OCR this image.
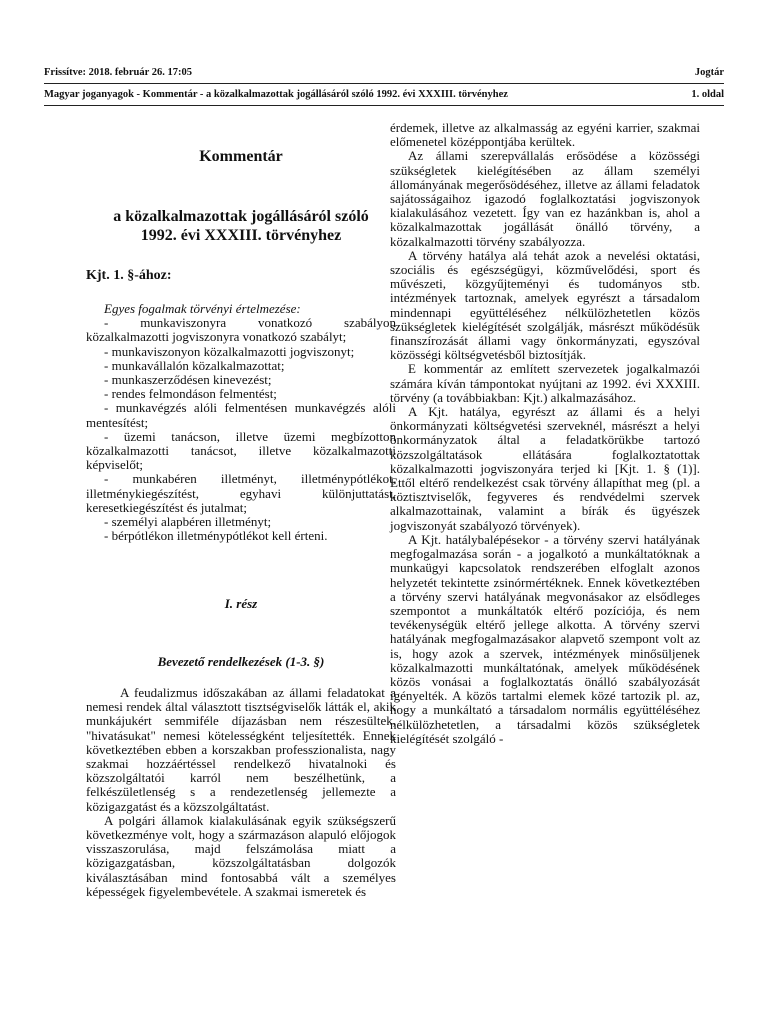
Frissítve: 2018. február 26. 17:05	Jogtár
Magyar joganyagok - Kommentár - a közalkalmazottak jogállásáról szóló 1992. évi XXXIII. törvényhez	1. oldal
Kommentár
a közalkalmazottak jogállásáról szóló
1992. évi XXXIII. törvényhez
Kjt. 1. §-ához:

Egyes fogalmak törvényi értelmezése:

- munkaviszonyra vonatkozó szabályon közalkalmazotti jogviszonyra vonatkozó szabályt;

- munkaviszonyon közalkalmazotti jogviszonyt;

- munkavállalón közalkalmazottat;

- munkaszerződésen kinevezést;

- rendes felmondáson felmentést;

- munkavégzés alóli felmentésen munkavégzés alóli mentesítést;

- üzemi tanácson, illetve üzemi megbízotton közalkalmazotti tanácsot, illetve közalkalmazotti képviselőt;

- munkabéren illetményt, illetménypótlékot, illetménykiegészítést, egyhavi különjuttatást, keresetkiegészítést és jutalmat;

- személyi alapbéren illetményt;

- bérpótlékon illetménypótlékot kell érteni.

I. rész
Bevezető rendelkezések (1-3. §)

A feudalizmus időszakában az állami feladatokat a nemesi rendek által választott tisztségviselők látták el, akik munkájukért semmiféle díjazásban nem részesültek, "hivatásukat" nemesi kötelességként teljesítették. Ennek következtében ebben a korszakban professzionalista, nagy szakmai hozzáértéssel rendelkező hivatalnoki és közszolgáltatói karról nem beszélhetünk, a felkészületlenség s a rendezetlenség jellemezte a közigazgatást és a közszolgáltatást.

A polgári államok kialakulásának egyik szükségszerű következménye volt, hogy a származáson alapuló előjogok visszaszorulása, majd felszámolása miatt a közigazgatásban, közszolgáltatásban dolgozók kiválasztásában mind fontosabbá vált a személyes képességek figyelembevétele. A szakmai ismeretek és

érdemek, illetve az alkalmasság az egyéni karrier, szakmai előmenetel középpontjába kerültek.

Az állami szerepvállalás erősödése a közösségi szükségletek kielégítésében az állam személyi állományának megerősödéséhez, illetve az állami feladatok sajátosságaihoz igazodó foglalkoztatási jogviszonyok kialakulásához vezetett. Így van ez hazánkban is, ahol a közalkalmazottak jogállását önálló törvény, a közalkalmazotti törvény szabályozza.

A törvény hatálya alá tehát azok a nevelési oktatási, szociális és egészségügyi, közművelődési, sport és művészeti, közgyűjteményi és tudományos stb. intézmények tartoznak, amelyek egyrészt a társadalom mindennapi együttéléséhez nélkülözhetetlen közös szükségletek kielégítését szolgálják, másrészt működésük finanszírozását állami vagy önkormányzati, egyszóval közösségi költségvetésből biztosítják.

E kommentár az említett szervezetek jogalkalmazói számára kíván támpontokat nyújtani az 1992. évi XXXIII. törvény (a továbbiakban: Kjt.) alkalmazásához.

A Kjt. hatálya, egyrészt az állami és a helyi önkormányzati költségvetési szerveknél, másrészt a helyi önkormányzatok által a feladatkörükbe tartozó közszolgáltatások ellátására foglalkoztatottak közalkalmazotti jogviszonyára terjed ki [Kjt. 1. § (1)]. Ettől eltérő rendelkezést csak törvény állapíthat meg (pl. a köztisztviselők, fegyveres és rendvédelmi szervek alkalmazottainak, valamint a bírák és ügyészek jogviszonyát szabályozó törvények).

A Kjt. hatálybalépésekor - a törvény szervi hatályának megfogalmazása során - a jogalkotó a munkáltatóknak a munkaügyi kapcsolatok rendszerében elfoglalt azonos helyzetét tekintette zsinórmértéknek. Ennek következtében a törvény szervi hatályának megvonásakor az elsődleges szempontot a munkáltatók eltérő pozíciója, és nem tevékenységük eltérő jellege alkotta. A törvény szervi hatályának megfogalmazásakor alapvető szempont volt az is, hogy azok a szervek, intézmények minősüljenek közalkalmazotti munkáltatónak, amelyek működésének közös vonásai a foglalkoztatás önálló szabályozását igényelték. A közös tartalmi elemek közé tartozik pl. az, hogy a munkáltató a társadalom normális együttéléséhez nélkülözhetetlen, a társadalmi közös szükségletek kielégítését szolgáló -
